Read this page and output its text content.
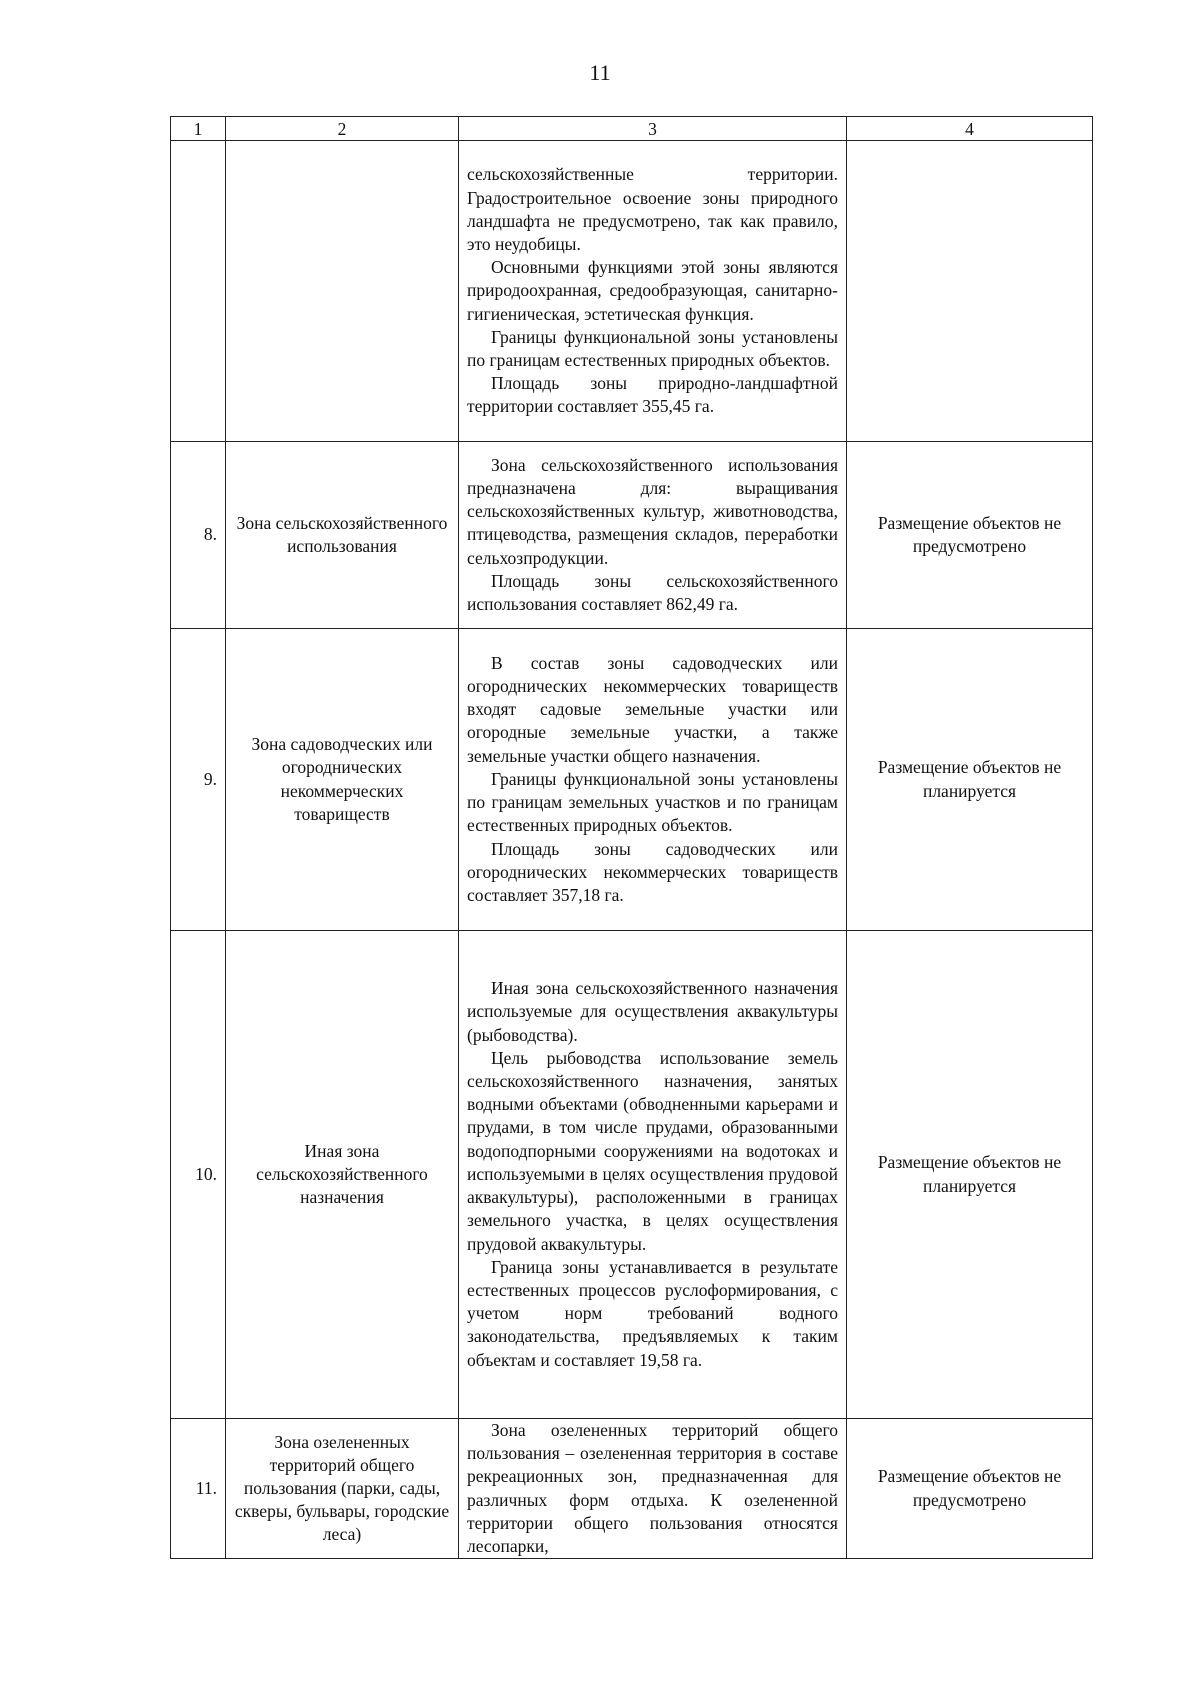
11
1	2	3	4

		сельскохозяйственные территории. Градостроительное освоение зоны природного ландшафта не предусмотрено, так как правило, это неудобицы.

Основными функциями этой зоны являются природоохранная, средообразующая, санитарно-гигиеническая, эстетическая функция.

Границы функциональной зоны установлены по границам естественных природных объектов.

Площадь зоны природно-ландшафтной территории составляет 355,45 га.	

8.	Зона сельскохозяйственного использования	Зона сельскохозяйственного использования предназначена для: выращивания сельскохозяйственных культур, животноводства, птицеводства, размещения складов, переработки сельхозпродукции.

Площадь зоны сельскохозяйственного использования составляет 862,49 га.	Размещение объектов не предусмотрено
9.	Зона садоводческих или огороднических некоммерческих товариществ	В состав зоны садоводческих или огороднических некоммерческих товариществ входят садовые земельные участки или огородные земельные участки, а также земельные участки общего назначения.

Границы функциональной зоны установлены по границам земельных участков и по границам естественных природных объектов.

Площадь зоны садоводческих или огороднических некоммерческих товариществ составляет 357,18 га.	Размещение объектов не планируется
10.	Иная зона сельскохозяйственного назначения	Иная зона сельскохозяйственного назначения используемые для осуществления аквакультуры (рыбоводства).

Цель рыбоводства использование земель сельскохозяйственного назначения, занятых водными объектами (обводненными карьерами и прудами, в том числе прудами, образованными водоподпорными сооружениями на водотоках и используемыми в целях осуществления прудовой аквакультуры), расположенными в границах земельного участка, в целях осуществления прудовой аквакультуры.

Граница зоны устанавливается в результате естественных процессов руслоформирования, с учетом норм требований водного законодательства, предъявляемых к таким объектам и составляет 19,58 га.	Размещение объектов не планируется
11.	Зона озелененных территорий общего пользования (парки, сады, скверы, бульвары, городские леса)	Зона озелененных территорий общего пользования – озелененная территория в составе рекреационных зон, предназначенная для различных форм отдыха. К озелененной территории общего пользования относятся лесопарки,	Размещение объектов не предусмотрено
